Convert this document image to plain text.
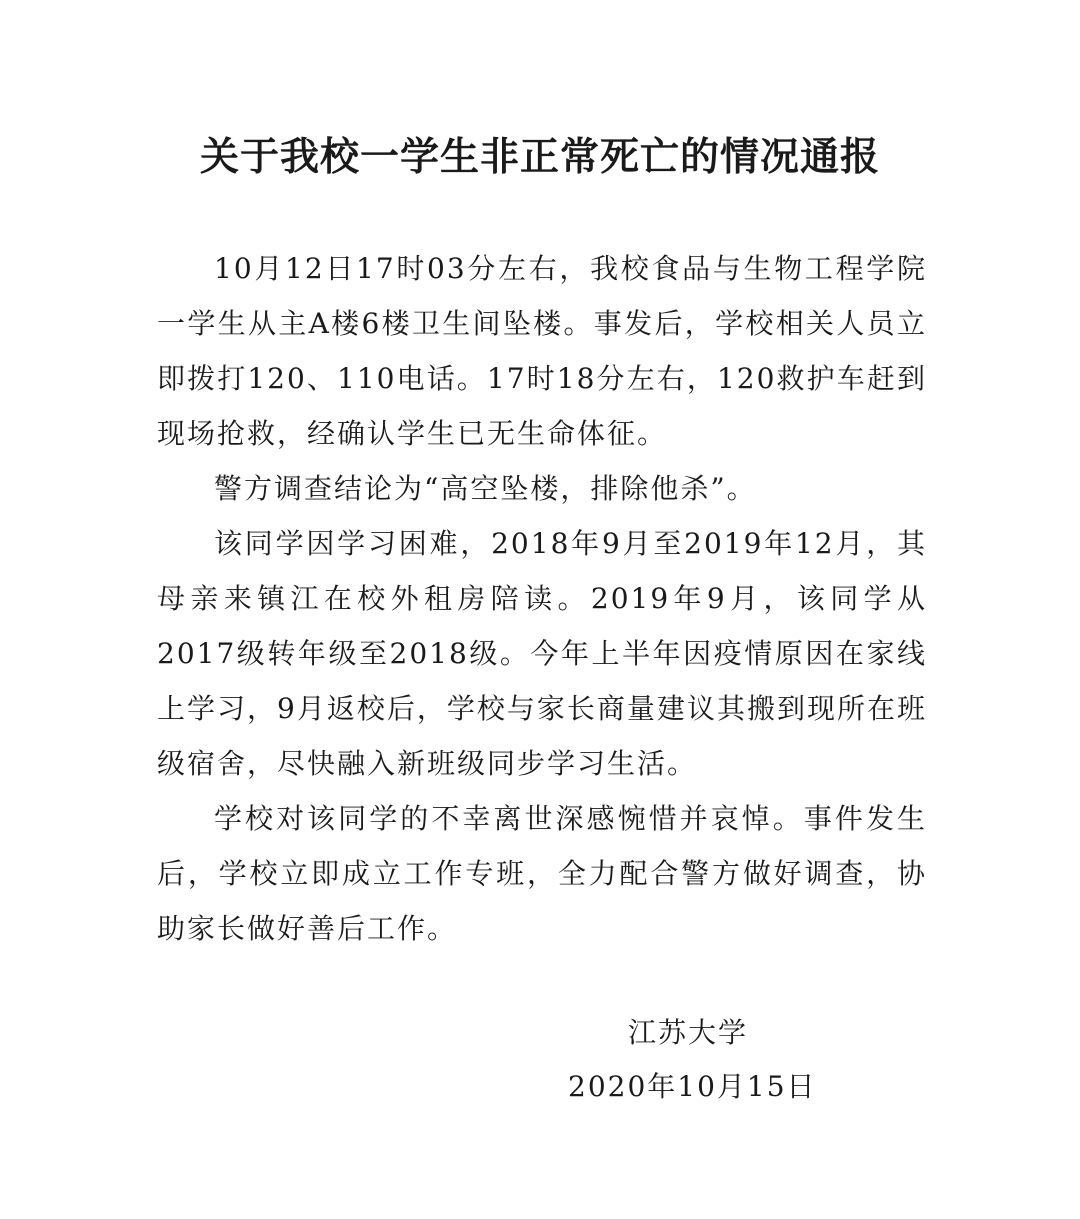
关于我校一学生非正常死亡的情况通报

10月12日17时03分左右，我校食品与生物工程学院一学生从主A楼6楼卫生间坠楼。事发后，学校相关人员立即拨打120、110电话。17时18分左右，120救护车赶到现场抢救，经确认学生已无生命体征。

警方调查结论为“高空坠楼，排除他杀”。

该同学因学习困难，2018年9月至2019年12月，其母亲来镇江在校外租房陪读。2019年9月，该同学从2017级转年级至2018级。今年上半年因疫情原因在家线上学习，9月返校后，学校与家长商量建议其搬到现所在班级宿舍，尽快融入新班级同步学习生活。

学校对该同学的不幸离世深感惋惜并哀悼。事件发生后，学校立即成立工作专班，全力配合警方做好调查，协助家长做好善后工作。

江苏大学
2020年10月15日
